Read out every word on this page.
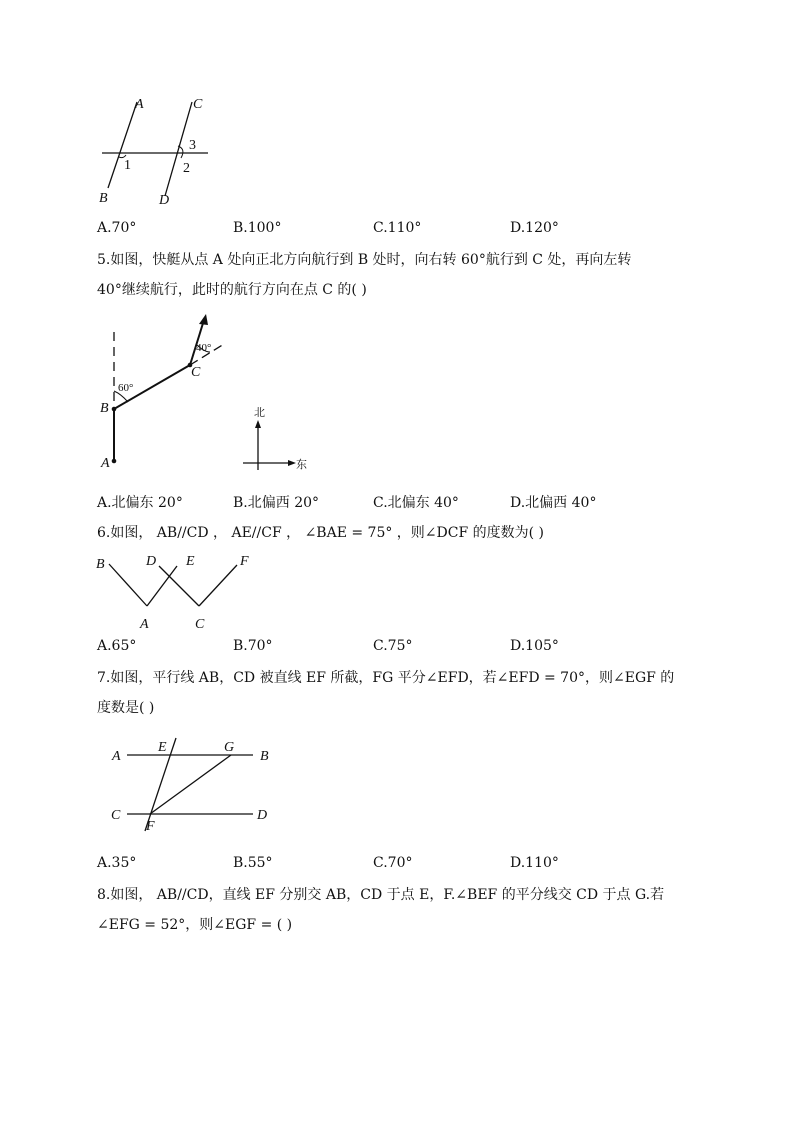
A
B
C
D
1	2
3
A.70°	B.100°	C.110°	D.120°
5.如图，快艇从点 A 处向正北方向航行到 B 处时，向右转 60°航行到 C 处，再向左转
40°继续航行，此时的航行方向在点 C 的( )
60°
40°
A
B
C
北
东
A.北偏东 20°	B.北偏西 20°	C.北偏东 40°	D.北偏西 40°
6.如图， AB//CD ， AE//CF ， ∠BAE = 75° ，则∠DCF 的度数为( )
B	D E	F
A	C
A.65°	B.70°	C.75°	D.105°
7.如图，平行线 AB，CD 被直线 EF 所截，FG 平分∠EFD，若∠EFD = 70°，则∠EGF 的
度数是( )
A
E	G
B
C
F
D
A.35°	B.55°	C.70°	D.110°
8.如图， AB//CD，直线 EF 分别交 AB，CD 于点 E，F.∠BEF 的平分线交 CD 于点 G.若
∠EFG = 52°，则∠EGF = ( )
